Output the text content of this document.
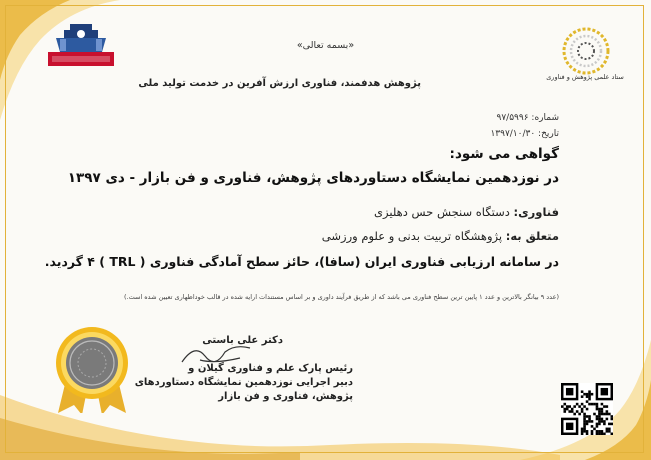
ستاد علمی پژوهش و فناوری
«بسمه تعالی»
پژوهش هدفمند، فناوری ارزش آفرین در خدمت تولید ملی
شماره: ۹۷/۵۹۹۶
تاریخ: ۱۳۹۷/۱۰/۳۰
گواهی می شود:
در نوزدهمین نمایشگاه دستاوردهای پژوهش، فناوری و فن بازار - دی ۱۳۹۷
فناوری: دستگاه سنجش حس دهلیزی
متعلق به: پژوهشگاه تربیت بدنی و علوم ورزشی
در سامانه ارزیابی فناوری ایران (سافا)، حائز سطح آمادگی فناوری ( TRL ) ۴ گردید.
(عدد ۹ بیانگر بالاترین و عدد ۱ پایین ترین سطح فناوری می باشد که از طریق فرآیند داوری و بر اساس مستندات ارایه شده در قالب خوداظهاری تعیین شده است.)
دکتر علی باستی
رئیس پارک علم و فناوری گیلان و
دبیر اجرایی نوزدهمین نمایشگاه دستاوردهای
پژوهش، فناوری و فن بازار
